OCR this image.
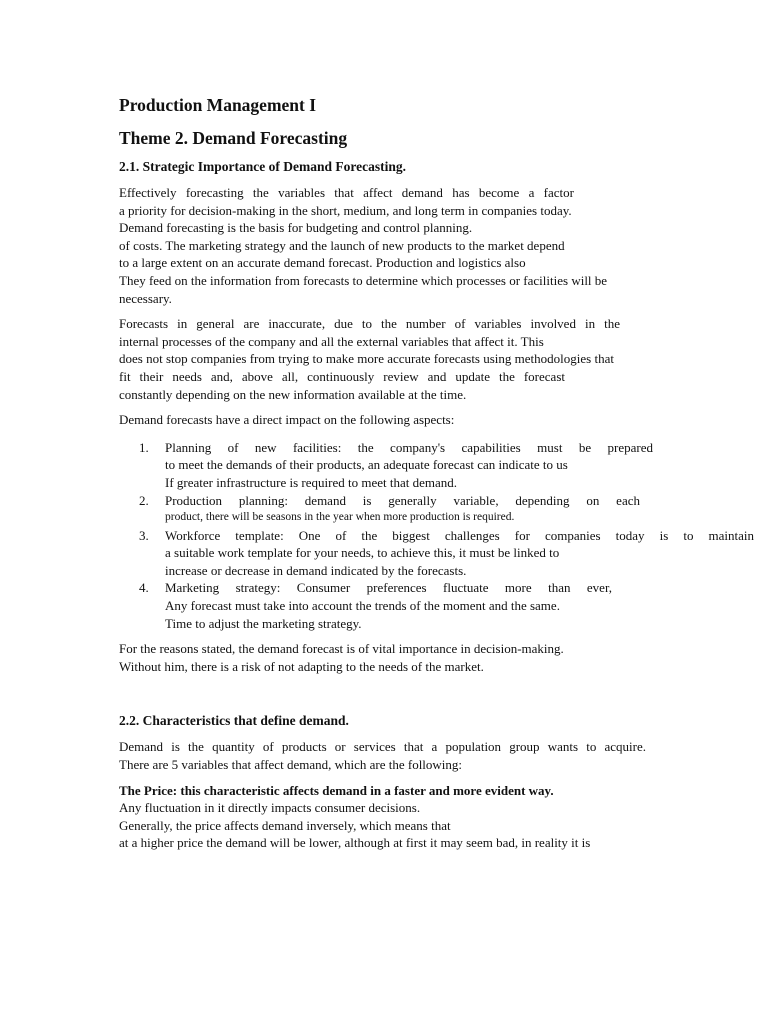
Production Management I
Theme 2. Demand Forecasting
2.1. Strategic Importance of Demand Forecasting.
Effectively forecasting the variables that affect demand has become a factor
a priority for decision-making in the short, medium, and long term in companies today.
Demand forecasting is the basis for budgeting and control planning.
of costs. The marketing strategy and the launch of new products to the market depend
to a large extent on an accurate demand forecast. Production and logistics also
They feed on the information from forecasts to determine which processes or facilities will be
necessary.
Forecasts in general are inaccurate, due to the number of variables involved in the
internal processes of the company and all the external variables that affect it. This
does not stop companies from trying to make more accurate forecasts using methodologies that
fit their needs and, above all, continuously review and update the forecast
constantly depending on the new information available at the time.
Demand forecasts have a direct impact on the following aspects:
1.	Planning of new facilities: the company's capabilities must be prepared
to meet the demands of their products, an adequate forecast can indicate to us
If greater infrastructure is required to meet that demand.
2.	Production planning: demand is generally variable, depending on each
product, there will be seasons in the year when more production is required.
3.	Workforce template: One of the biggest challenges for companies today is to maintain
a suitable work template for your needs, to achieve this, it must be linked to
increase or decrease in demand indicated by the forecasts.
4.	Marketing strategy: Consumer preferences fluctuate more than ever,
Any forecast must take into account the trends of the moment and the same.
Time to adjust the marketing strategy.
For the reasons stated, the demand forecast is of vital importance in decision-making.
Without him, there is a risk of not adapting to the needs of the market.
2.2. Characteristics that define demand.
Demand is the quantity of products or services that a population group wants to acquire.
There are 5 variables that affect demand, which are the following:
The Price: this characteristic affects demand in a faster and more evident way.
Any fluctuation in it directly impacts consumer decisions.
Generally, the price affects demand inversely, which means that
at a higher price the demand will be lower, although at first it may seem bad, in reality it is
